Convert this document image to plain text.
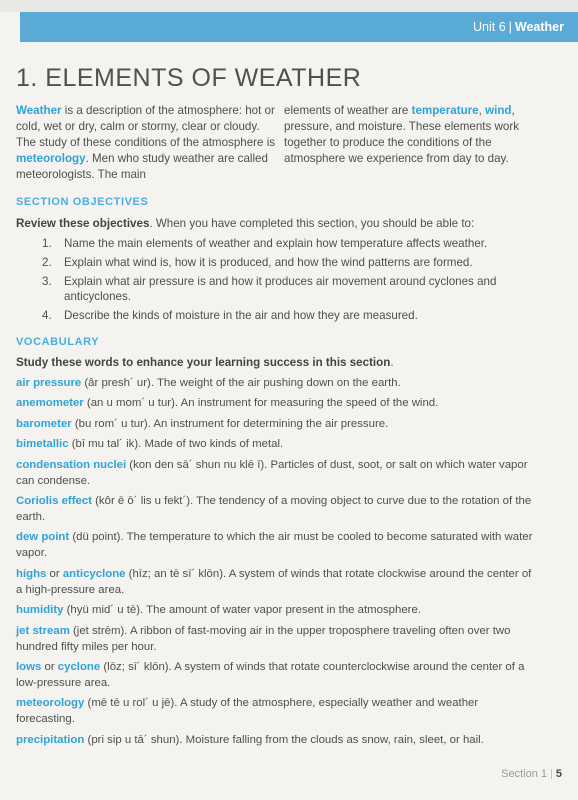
Unit 6 | Weather
1. ELEMENTS OF WEATHER
Weather is a description of the atmosphere: hot or cold, wet or dry, calm or stormy, clear or cloudy. The study of these conditions of the atmosphere is meteorology. Men who study weather are called meteorologists. The main
elements of weather are temperature, wind, pressure, and moisture. These elements work together to produce the conditions of the atmosphere we experience from day to day.
SECTION OBJECTIVES
Review these objectives. When you have completed this section, you should be able to:
1. Name the main elements of weather and explain how temperature affects weather.
2. Explain what wind is, how it is produced, and how the wind patterns are formed.
3. Explain what air pressure is and how it produces air movement around cyclones and anticyclones.
4. Describe the kinds of moisture in the air and how they are measured.
VOCABULARY
Study these words to enhance your learning success in this section.

air pressure (âr presh´ ur). The weight of the air pushing down on the earth.

anemometer (an u mom´ u tur). An instrument for measuring the speed of the wind.

barometer (bu rom´ u tur). An instrument for determining the air pressure.

bimetallic (bī mu tal´ ik). Made of two kinds of metal.

condensation nuclei (kon den sā´ shun nu klē ī). Particles of dust, soot, or salt on which water vapor can condense.

Coriolis effect (kôr ē ō´ lis u fekt´). The tendency of a moving object to curve due to the rotation of the earth.

dew point (dü point). The temperature to which the air must be cooled to become saturated with water vapor.

highs or anticyclone (hīz; an tē sī´ klōn). A system of winds that rotate clockwise around the center of a high-pressure area.

humidity (hyü mid´ u tē). The amount of water vapor present in the atmosphere.

jet stream (jet strēm). A ribbon of fast-moving air in the upper troposphere traveling often over two hundred fifty miles per hour.

lows or cyclone (lōz; sī´ klōn). A system of winds that rotate counterclockwise around the center of a low-pressure area.

meteorology (mē tē u rol´ u jē). A study of the atmosphere, especially weather and weather forecasting.

precipitation (pri sip u tā´ shun). Moisture falling from the clouds as snow, rain, sleet, or hail.

Section 1 | 5
